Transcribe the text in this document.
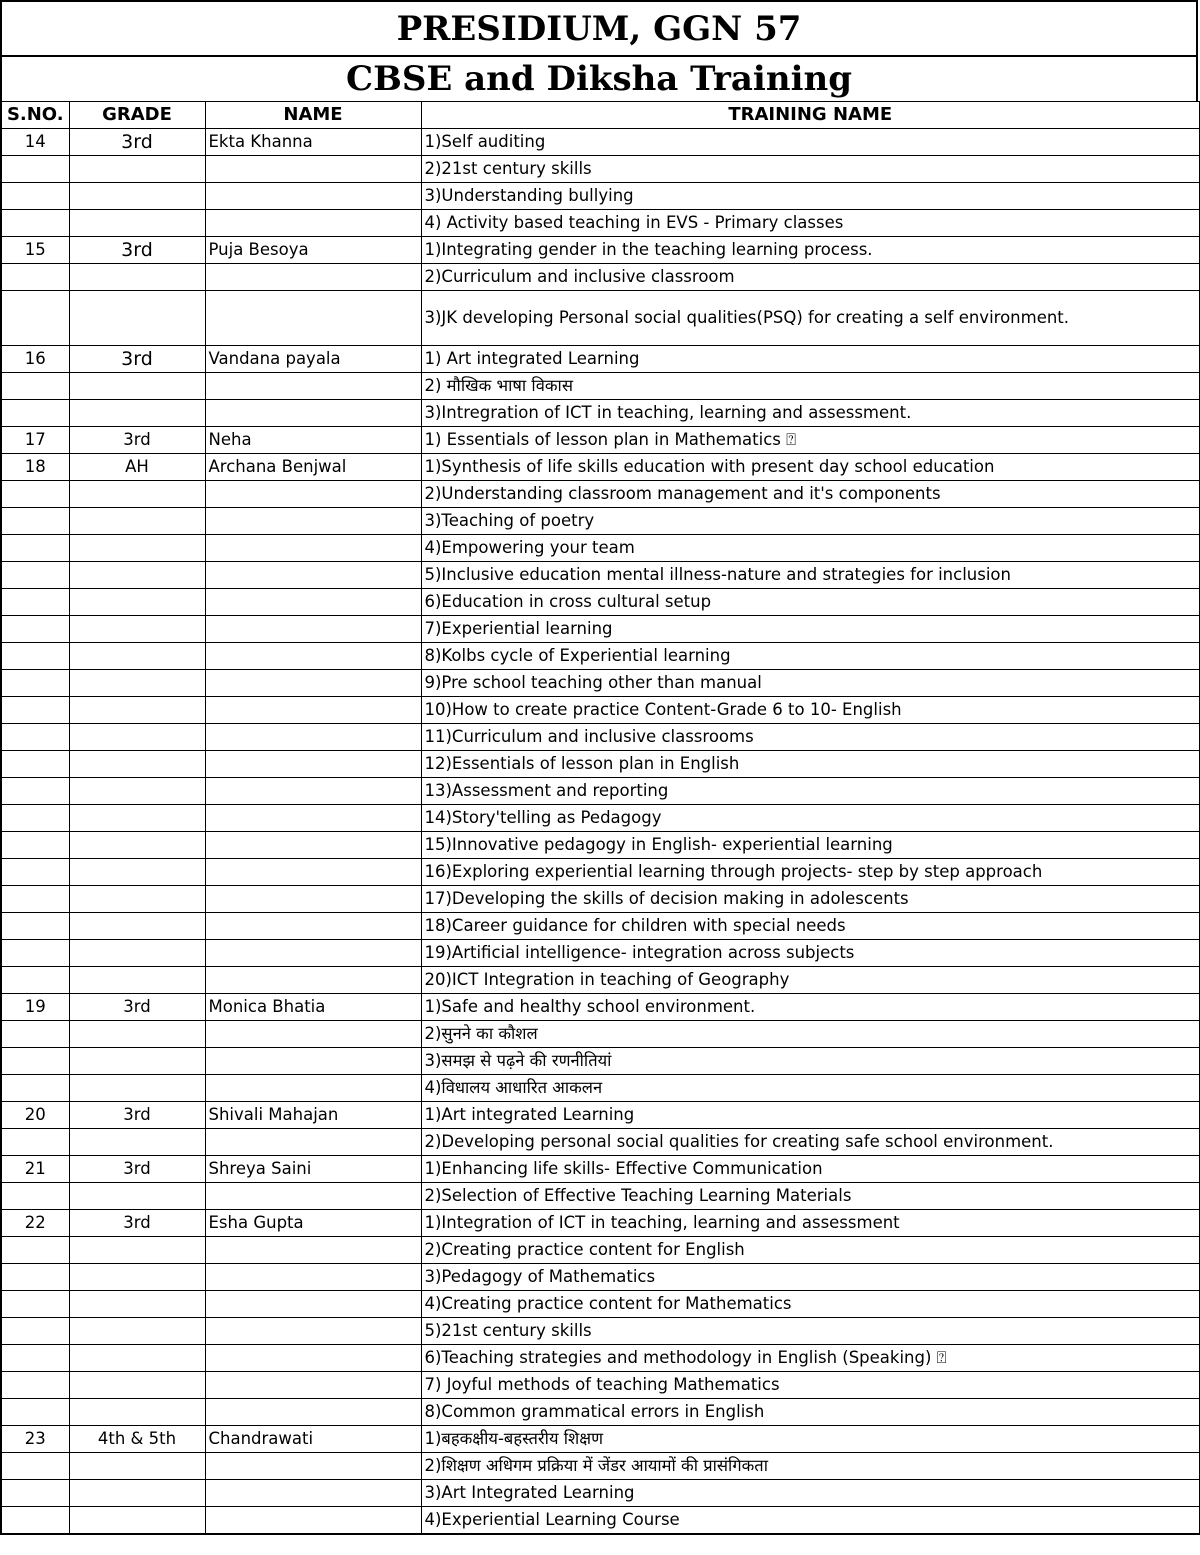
PRESIDIUM, GGN 57
CBSE and Diksha Training
S.NO.	GRADE	NAME	TRAINING NAME
14	3rd	Ekta Khanna	1)Self auditing
			2)21st century skills
			3)Understanding bullying
			4) Activity based teaching in EVS - Primary classes
15	3rd	Puja Besoya	1)Integrating gender in the teaching learning process.
			2)Curriculum and inclusive classroom
			3)JK developing Personal social qualities(PSQ) for creating a self environment.
16	3rd	Vandana payala	1) Art integrated Learning
			2) मौखिक भाषा विकास
			3)Intregration of ICT in teaching, learning and assessment.
17	3rd	Neha	1) Essentials of lesson plan in Mathematics ⍰
18	AH	Archana Benjwal	1)Synthesis of life skills education with present day school education
			2)Understanding classroom management and it's components
			3)Teaching of poetry
			4)Empowering your team
			5)Inclusive education mental illness-nature and strategies for inclusion
			6)Education in cross cultural setup
			7)Experiential learning
			8)Kolbs cycle of Experiential learning
			9)Pre school teaching other than manual
			10)How to create practice Content-Grade 6 to 10- English
			11)Curriculum and inclusive classrooms
			12)Essentials of lesson plan in English
			13)Assessment and reporting
			14)Story'telling as Pedagogy
			15)Innovative pedagogy in English- experiential learning
			16)Exploring experiential learning through projects- step by step approach
			17)Developing the skills of decision making in adolescents
			18)Career guidance for children with special needs
			19)Artificial intelligence- integration across subjects
			20)ICT Integration in teaching of Geography
19	3rd	Monica Bhatia	1)Safe and healthy school environment.
			2)सुनने का कौशल
			3)समझ से पढ़ने की रणनीतियां
			4)विधालय आधारित आकलन
20	3rd	Shivali Mahajan	1)Art integrated Learning
			2)Developing personal social qualities for creating safe school environment.
21	3rd	Shreya Saini	1)Enhancing life skills- Effective Communication
			2)Selection of Effective Teaching Learning Materials
22	3rd	Esha Gupta	1)Integration of ICT in teaching, learning and assessment
			2)Creating practice content for English
			3)Pedagogy of Mathematics
			4)Creating practice content for Mathematics
			5)21st century skills
			6)Teaching strategies and methodology in English (Speaking) ⍰
			7) Joyful methods of teaching Mathematics
			8)Common grammatical errors in English
23	4th & 5th	Chandrawati	1)बहकक्षीय-बहस्तरीय शिक्षण
			2)शिक्षण अधिगम प्रक्रिया में जेंडर आयामों की प्रासंगिकता
			3)Art Integrated Learning
			4)Experiential Learning Course
